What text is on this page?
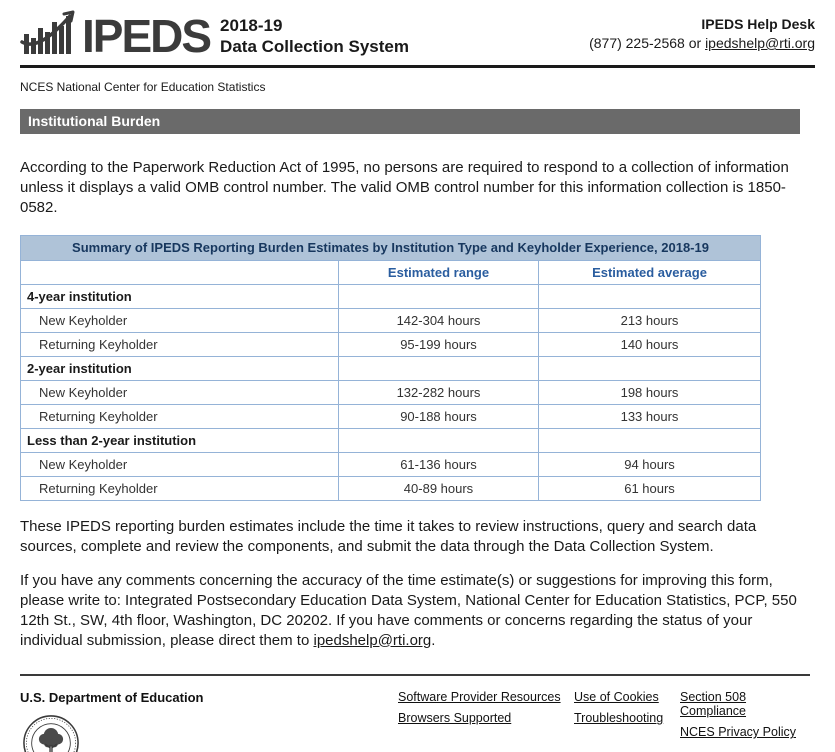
IPEDS 2018-19
Data Collection System
IPEDS Help Desk
(877) 225-2568 or ipedshelp@rti.org
NCES National Center for Education Statistics
Institutional Burden

According to the Paperwork Reduction Act of 1995, no persons are required to respond to a collection of information unless it displays a valid OMB control number. The valid OMB control number for this information collection is 1850-0582.

Summary of IPEDS Reporting Burden Estimates by Institution Type and Keyholder Experience, 2018-19		
	Estimated range	Estimated average
4-year institution		
New Keyholder	142-304 hours	213 hours
Returning Keyholder	95-199 hours	140 hours
2-year institution		
New Keyholder	132-282 hours	198 hours
Returning Keyholder	90-188 hours	133 hours
Less than 2-year institution		
New Keyholder	61-136 hours	94 hours
Returning Keyholder	40-89 hours	61 hours

These IPEDS reporting burden estimates include the time it takes to review instructions, query and search data sources, complete and review the components, and submit the data through the Data Collection System.

If you have any comments concerning the accuracy of the time estimate(s) or suggestions for improving this form, please write to: Integrated Postsecondary Education Data System, National Center for Education Statistics, PCP, 550 12th St., SW, 4th floor, Washington, DC 20202. If you have comments or concerns regarding the status of your individual submission, please direct them to ipedshelp@rti.org.

U.S. Department of Education	Software Provider Resources
Browsers Supported
Use of Cookies
Troubleshooting
Section 508 Compliance
NCES Privacy Policy
